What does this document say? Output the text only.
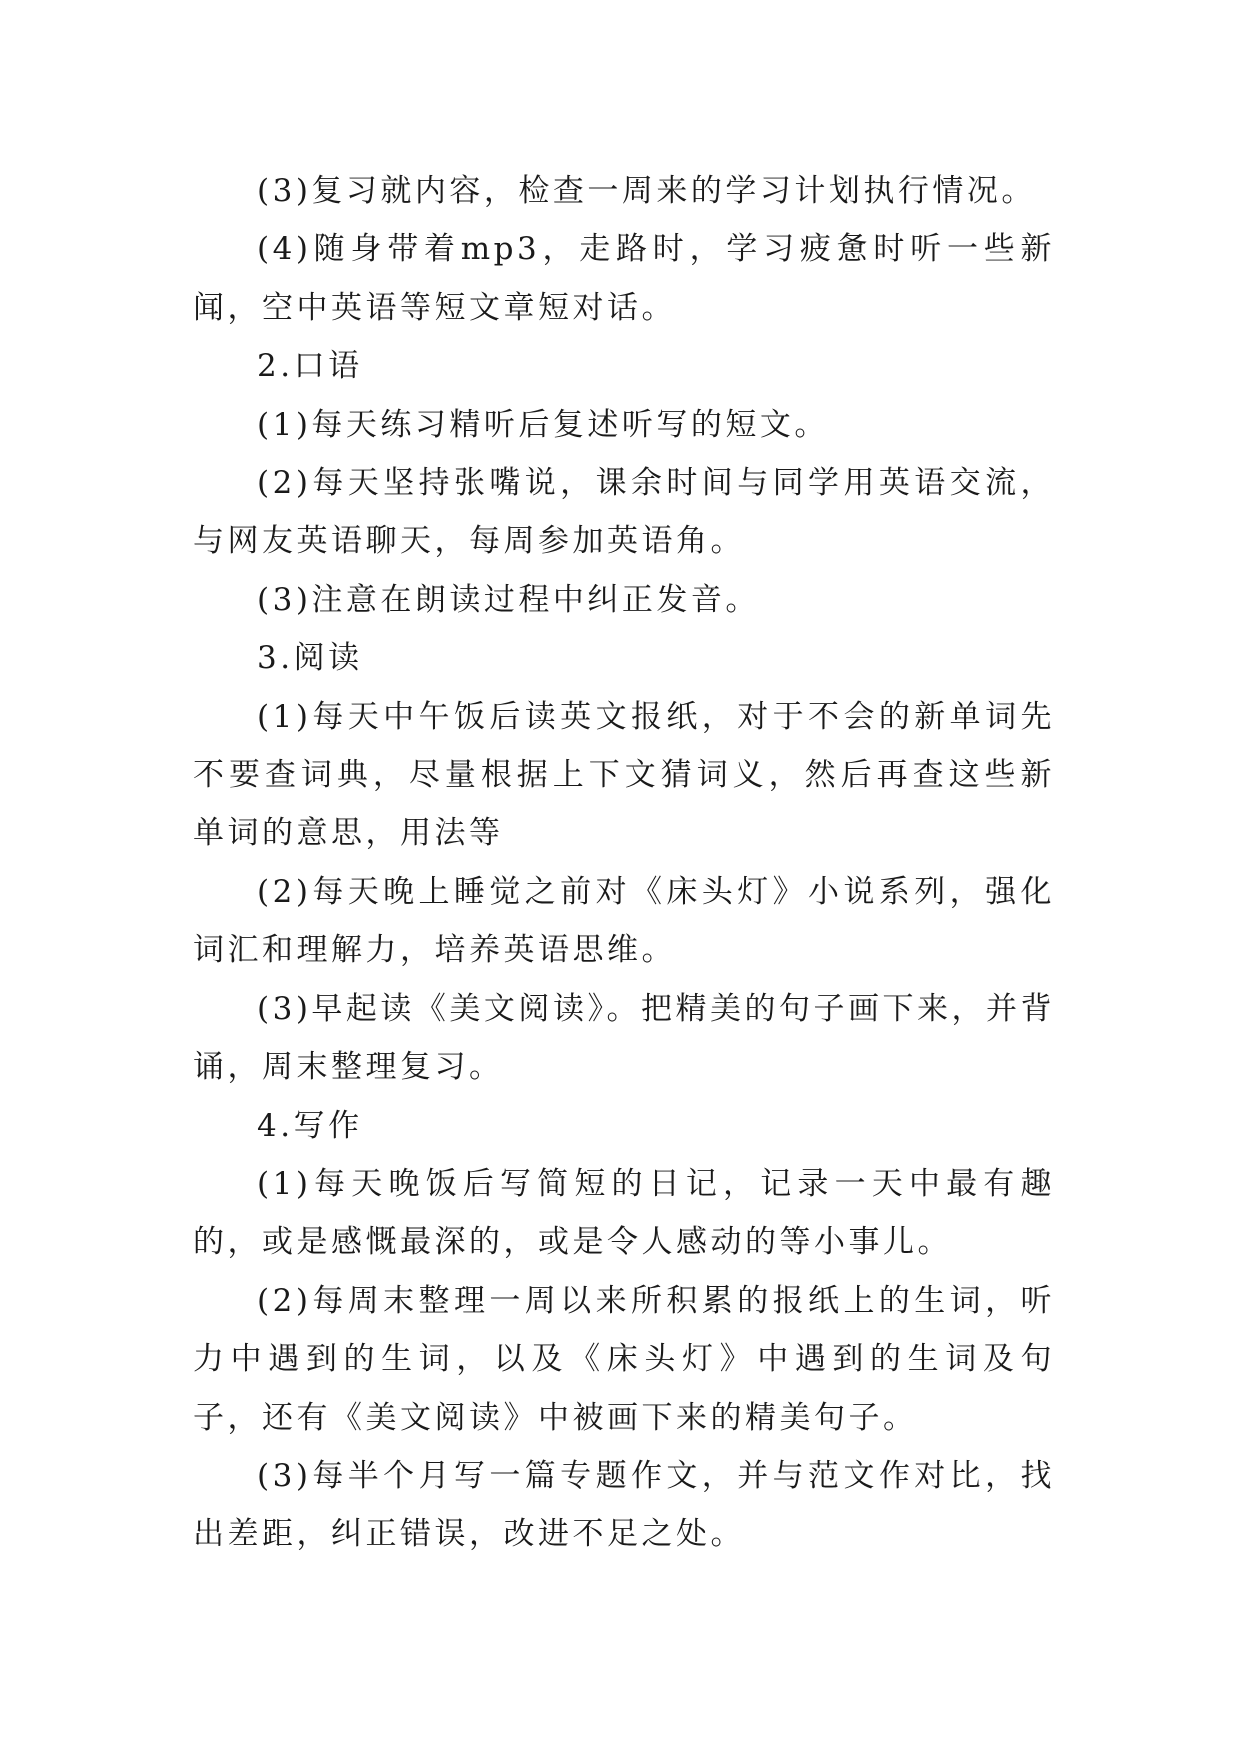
(3)复习就内容，检查一周来的学习计划执行情况。

(4)随身带着mp3，走路时，学习疲惫时听一些新闻，空中英语等短文章短对话。

2.口语

(1)每天练习精听后复述听写的短文。

(2)每天坚持张嘴说，课余时间与同学用英语交流，与网友英语聊天，每周参加英语角。

(3)注意在朗读过程中纠正发音。

3.阅读

(1)每天中午饭后读英文报纸，对于不会的新单词先不要查词典，尽量根据上下文猜词义，然后再查这些新单词的意思，用法等

(2)每天晚上睡觉之前对《床头灯》小说系列，强化词汇和理解力，培养英语思维。

(3)早起读《美文阅读》。把精美的句子画下来，并背诵，周末整理复习。

4.写作

(1)每天晚饭后写简短的日记，记录一天中最有趣的，或是感慨最深的，或是令人感动的等小事儿。

(2)每周末整理一周以来所积累的报纸上的生词，听力中遇到的生词，以及《床头灯》中遇到的生词及句子，还有《美文阅读》中被画下来的精美句子。

(3)每半个月写一篇专题作文，并与范文作对比，找出差距，纠正错误，改进不足之处。
